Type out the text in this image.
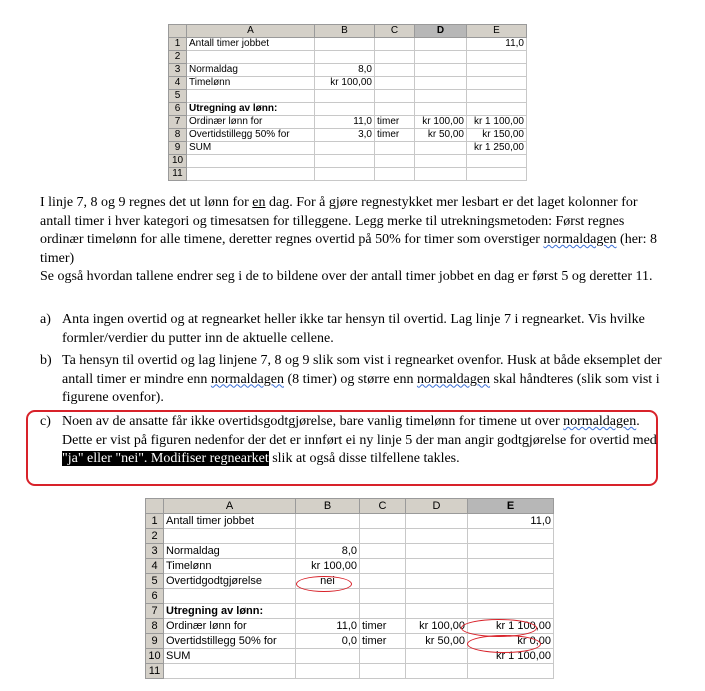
	A	B	C	D	E
1	Antall timer jobbet				11,0
2					
3	Normaldag	8,0			
4	Timelønn	kr 100,00			
5					
6	Utregning av lønn:				
7	Ordinær lønn for	11,0	timer	kr 100,00	kr 1 100,00
8	Overtidstillegg 50% for	3,0	timer	kr 50,00	kr 150,00
9	SUM				kr 1 250,00
10					
11					
I linje 7, 8 og 9 regnes det ut lønn for en dag. For å gjøre regnestykket mer lesbart er det laget kolonner for antall timer i hver kategori og timesatsen for tilleggene. Legg merke til utrekningsmetoden: Først regnes ordinær timelønn for alle timene, deretter regnes overtid på 50% for timer som overstiger normaldagen (her: 8 timer)
Se også hvordan tallene endrer seg i de to bildene over der antall timer jobbet en dag er først 5 og deretter 11.
a) Anta ingen overtid og at regnearket heller ikke tar hensyn til overtid. Lag linje 7 i regnearket. Vis hvilke formler/verdier du putter inn de aktuelle cellene.
b) Ta hensyn til overtid og lag linjene 7, 8 og 9 slik som vist i regnearket ovenfor. Husk at både eksemplet der antall timer er mindre enn normaldagen (8 timer) og større enn normaldagen skal håndteres (slik som vist i figurene ovenfor).
c) Noen av de ansatte får ikke overtidsgodtgjørelse, bare vanlig timelønn for timene ut over normaldagen. Dette er vist på figuren nedenfor der det er innført ei ny linje 5 der man angir godtgjørelse for overtid med "ja" eller "nei". Modifiser regnearket slik at også disse tilfellene takles.
	A	B	C	D	E
1	Antall timer jobbet				11,0
2					
3	Normaldag	8,0			
4	Timelønn	kr 100,00			
5	Overtidgodtgjørelse	nei			
6					
7	Utregning av lønn:				
8	Ordinær lønn for	11,0	timer	kr 100,00	kr 1 100,00
9	Overtidstillegg 50% for	0,0	timer	kr 50,00	kr 0,00
10	SUM				kr 1 100,00
11					
